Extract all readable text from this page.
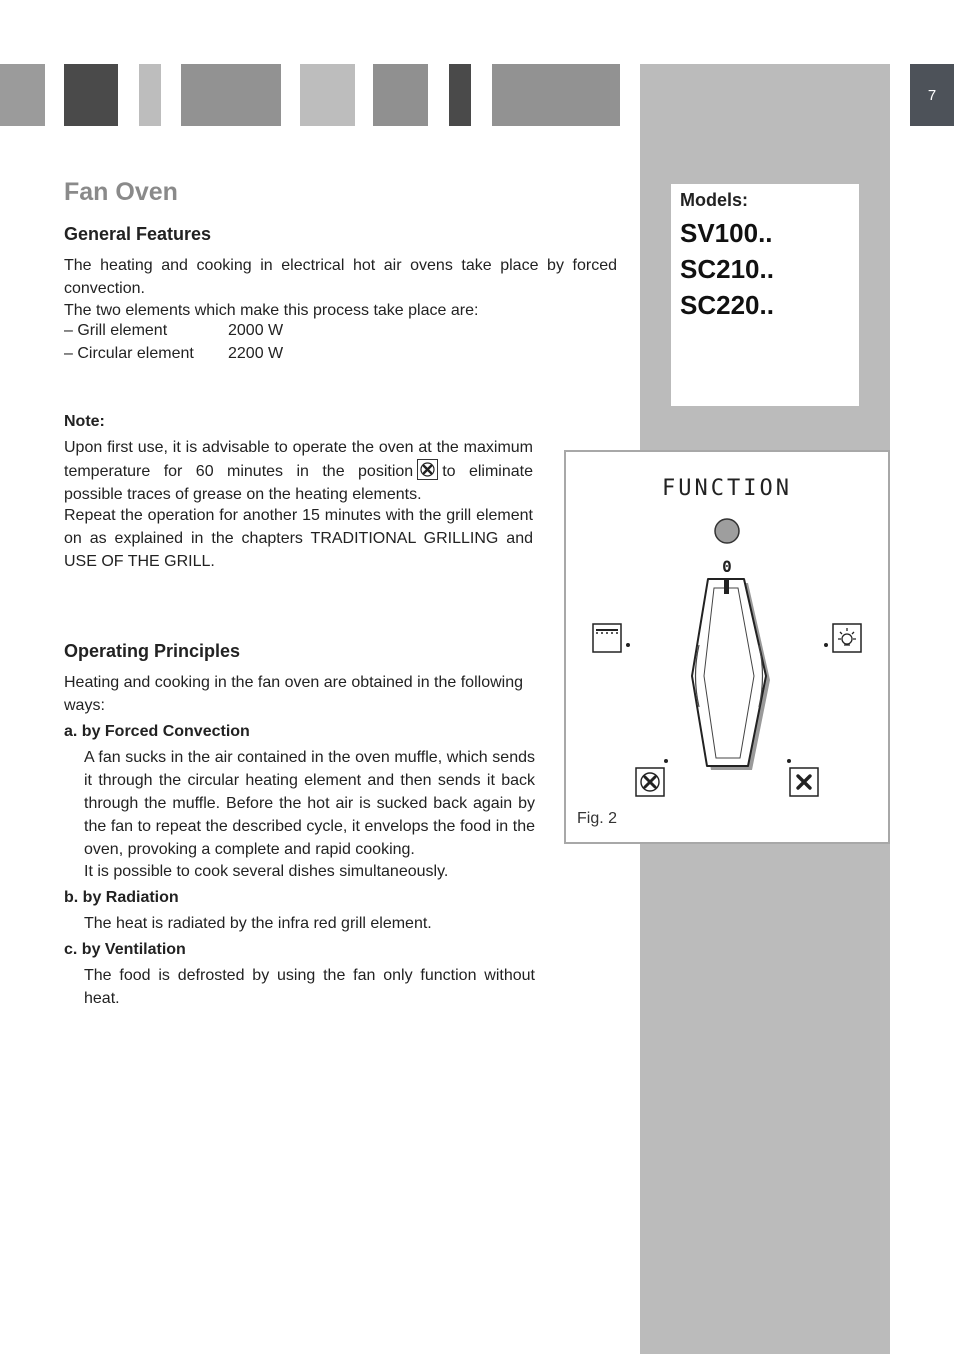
7
Models:
SV100..
SC210..
SC220..
Fan Oven
General Features

The heating and cooking in electrical hot air ovens take place by forced convection.

The two elements which make this process take place are:

– Grill element	2000 W
– Circular element 2200 W
Note:

Upon first use, it is advisable to operate the oven at the maximum temperature for 60 minutes in the position to eliminate possible traces of grease on the heating elements.

Repeat the operation for another 15 minutes with the grill element on as explained in the chapters TRADITIONAL GRILLING and USE OF THE GRILL.

Operating Principles

Heating and cooking in the fan oven are obtained in the following ways:

a. by Forced Convection
A fan sucks in the air contained in the oven muffle, which sends it through the circular heating element and then sends it back through the muffle. Before the hot air is sucked back again by the fan to repeat the described cycle, it envelops the food in the oven, provoking a complete and rapid cooking.
It is possible to cook several dishes simultaneously.
b. by Radiation
The heat is radiated by the infra red grill element.
c. by Ventilation
The food is defrosted by using the fan only function without heat.
FUNCTION
0
Fig. 2
